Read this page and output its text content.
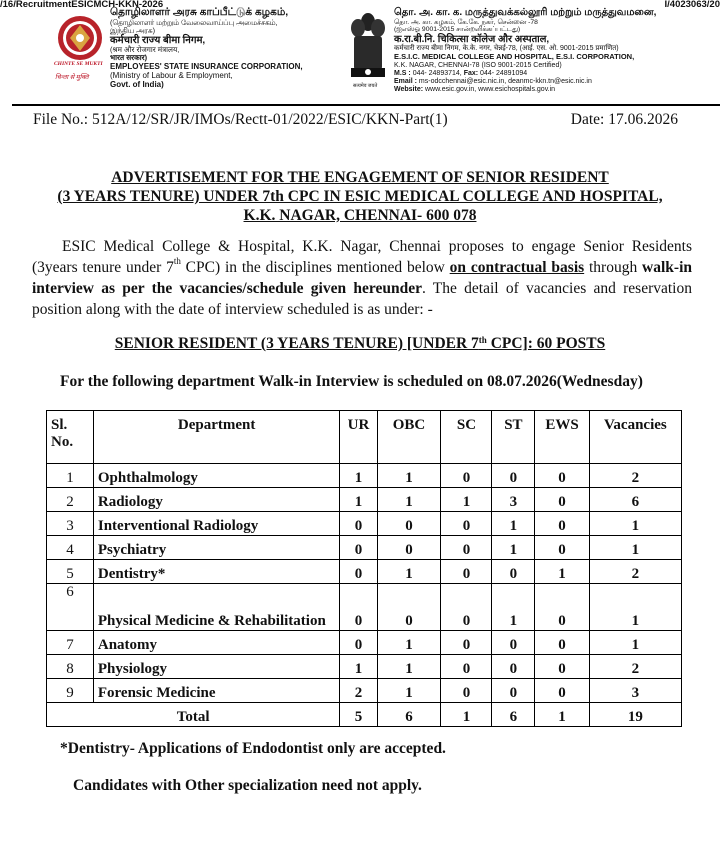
/16/RecruitmentESICMCH-KKN-2026	I/4023063/20
CHINTE SE MUKTI
चिन्ता से मुक्ति
தொழிலாளர் அரசு காப்பீட்டுக் கழகம்,
(தொழிலாளர் மற்றும் வேலைவாய்ப்பு அமைச்சகம்,
இந்திய அரசு)
कर्मचारी राज्य बीमा निगम,
(श्रम और रोजगार मंत्रालय,
भारत सरकार)
EMPLOYEES' STATE INSURANCE CORPORATION,
(Ministry of Labour & Employment,
Govt. of India)	सत्यमेव जयते
தொ. அ. கா. க. மருத்துவக்கல்லூரி மற்றும் மருத்துவமனை,
தொ. அ. கா. கழகம், கே.கே. நகர், சென்னை -78
(ஐஎஸ்ஓ 9001-2015 சான்றளிக்கப்பட்டது)
क.रा.बी.नि. चिकित्सा कॉलेज और अस्पताल,
कर्मचारी राज्य बीमा निगम, के.के. नगर, चेन्नई-78, (आई. एस. ओ. 9001-2015 प्रमाणित)
E.S.I.C. MEDICAL COLLEGE AND HOSPITAL, E.S.I. CORPORATION,
K.K. NAGAR, CHENNAI-78 (ISO 9001-2015 Certified)
M.S : 044- 24893714, Fax: 044- 24891094
Email : ms-odcchennai@esic.nic.in, deanmc-kkn.tn@esic.nic.in
Website: www.esic.gov.in, www.esichospitals.gov.in
File No.: 512A/12/SR/JR/IMOs/Rectt-01/2022/ESIC/KKN-Part(1)	Date: 17.06.2026
ADVERTISEMENT FOR THE ENGAGEMENT OF SENIOR RESIDENT
(3 YEARS TENURE) UNDER 7th CPC IN ESIC MEDICAL COLLEGE AND HOSPITAL,
K.K. NAGAR, CHENNAI- 600 078
ESIC Medical College & Hospital, K.K. Nagar, Chennai proposes to engage Senior Residents (3years tenure under 7th CPC) in the disciplines mentioned below on contractual basis through walk-in interview as per the vacancies/schedule given hereunder. The detail of vacancies and reservation position along with the date of interview scheduled is as under: -
SENIOR RESIDENT (3 YEARS TENURE) [UNDER 7th CPC]: 60 POSTS
For the following department Walk-in Interview is scheduled on 08.07.2026(Wednesday)
Sl. No.	Department	UR	OBC	SC	ST	EWS	Vacancies
1	Ophthalmology	1	1	0	0	0	2
2	Radiology	1	1	1	3	0	6
3	Interventional Radiology	0	0	0	1	0	1
4	Psychiatry	0	0	0	1	0	1
5	Dentistry*	0	1	0	0	1	2
6	Physical Medicine & Rehabilitation	0	0	0	1	0	1
7	Anatomy	0	1	0	0	0	1
8	Physiology	1	1	0	0	0	2
9	Forensic Medicine	2	1	0	0	0	3
Total		5	6	1	6	1	19
*Dentistry- Applications of Endodontist only are accepted.
Candidates with Other specialization need not apply.
